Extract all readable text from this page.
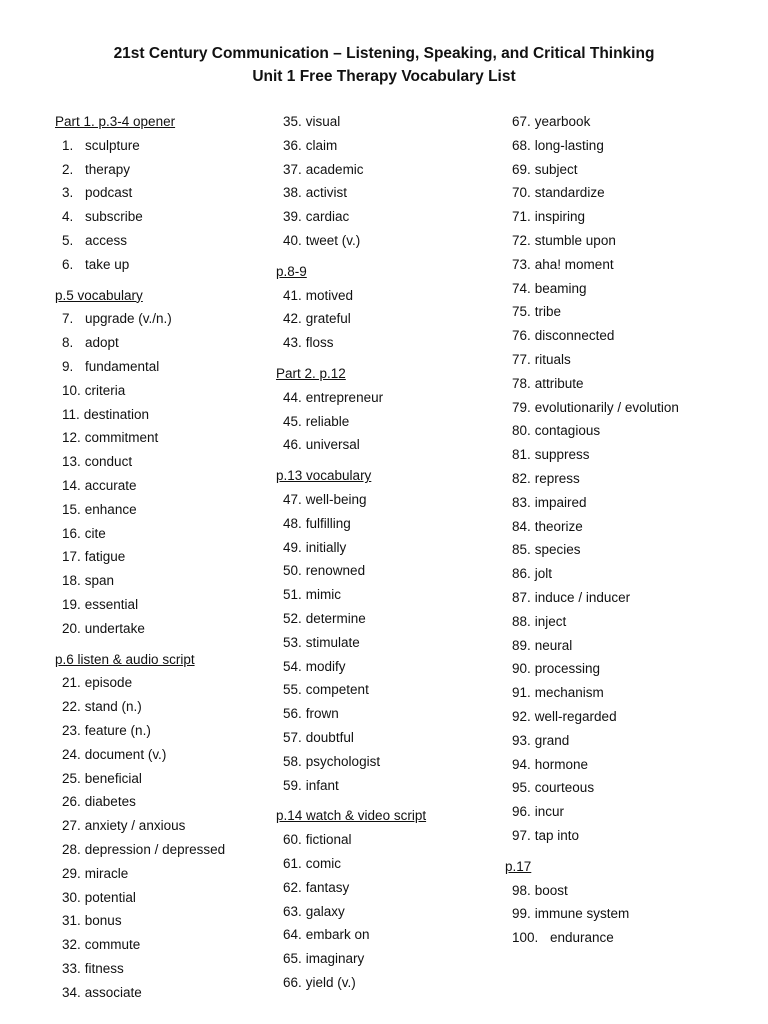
21st Century Communication – Listening, Speaking, and Critical Thinking
Unit 1 Free Therapy Vocabulary List
Part 1. p.3-4 opener
1. sculpture
2. therapy
3. podcast
4. subscribe
5. access
6. take up
p.5 vocabulary
7. upgrade (v./n.)
8. adopt
9. fundamental
10. criteria
11. destination
12. commitment
13. conduct
14. accurate
15. enhance
16. cite
17. fatigue
18. span
19. essential
20. undertake
p.6 listen & audio script
21. episode
22. stand (n.)
23. feature (n.)
24. document (v.)
25. beneficial
26. diabetes
27. anxiety / anxious
28. depression / depressed
29. miracle
30. potential
31. bonus
32. commute
33. fitness
34. associate
35. visual
36. claim
37. academic
38. activist
39. cardiac
40. tweet (v.)
p.8-9
41. motived
42. grateful
43. floss
Part 2. p.12
44. entrepreneur
45. reliable
46. universal
p.13 vocabulary
47. well-being
48. fulfilling
49. initially
50. renowned
51. mimic
52. determine
53. stimulate
54. modify
55. competent
56. frown
57. doubtful
58. psychologist
59. infant
p.14 watch & video script
60. fictional
61. comic
62. fantasy
63. galaxy
64. embark on
65. imaginary
66. yield (v.)
67. yearbook
68. long-lasting
69. subject
70. standardize
71. inspiring
72. stumble upon
73. aha! moment
74. beaming
75. tribe
76. disconnected
77. rituals
78. attribute
79. evolutionarily / evolution
80. contagious
81. suppress
82. repress
83. impaired
84. theorize
85. species
86. jolt
87. induce / inducer
88. inject
89. neural
90. processing
91. mechanism
92. well-regarded
93. grand
94. hormone
95. courteous
96. incur
97. tap into
p.17
98. boost
99. immune system
100. endurance
